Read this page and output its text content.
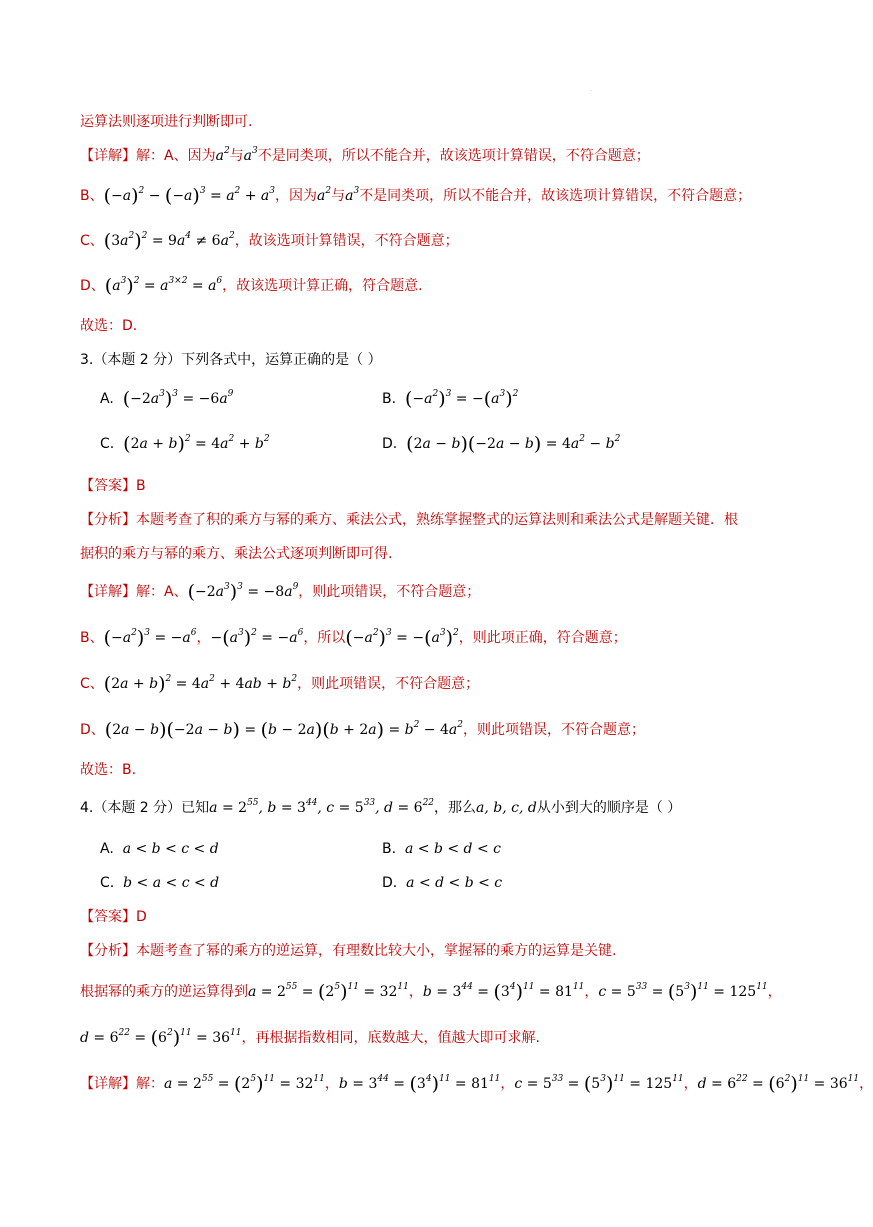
·
运算法则逐项进行判断即可.
【详解】解：A、因为$a^2$与$a^3$不是同类项，所以不能合并，故该选项计算错误，不符合题意；
B、$(-a)^2 - (-a)^3 = a^2 + a^3$，因为$a^2$与$a^3$不是同类项，所以不能合并，故该选项计算错误，不符合题意；
C、$(3a^2)^2 = 9a^4 \ne 6a^2$，故该选项计算错误，不符合题意；
D、$(a^3)^2 = a^{3\times 2} = a^6$，故该选项计算正确，符合题意.
故选：D.
3.（本题 2 分）下列各式中，运算正确的是（ ）
A. $(-2a^3)^3 = -6a^9$	B. $(-a^2)^3 = -(a^3)^2$
C. $(2a + b)^2 = 4a^2 + b^2$	D. $(2a - b)(-2a - b) = 4a^2 - b^2$
【答案】B
【分析】本题考查了积的乘方与幂的乘方、乘法公式，熟练掌握整式的运算法则和乘法公式是解题关键．根
据积的乘方与幂的乘方、乘法公式逐项判断即可得.
【详解】解：A、$(-2a^3)^3 = -8a^9$，则此项错误，不符合题意；
B、$(-a^2)^3 = -a^6$，$-(a^3)^2 = -a^6$，所以$(-a^2)^3 = -(a^3)^2$，则此项正确，符合题意；
C、$(2a + b)^2 = 4a^2 + 4ab + b^2$，则此项错误，不符合题意；
D、$(2a - b)(-2a - b) = (b - 2a)(b + 2a) = b^2 - 4a^2$，则此项错误，不符合题意；
故选：B.
4.（本题 2 分）已知$a = 2^{55}$, $b = 3^{44}$, $c = 5^{33}$, $d = 6^{22}$，那么a, b, c, d从小到大的顺序是（ ）
A. a < b < c < d	B. a < b < d < c
C. b < a < c < d	D. a < d < b < c
【答案】D
【分析】本题考查了幂的乘方的逆运算，有理数比较大小，掌握幂的乘方的运算是关键.
根据幂的乘方的逆运算得到$a = 2^{55} = (2^5)^{11} = 32^{11}$，$b = 3^{44} = (3^4)^{11} = 81^{11}$，$c = 5^{33} = (5^3)^{11} = 125^{11}$，
$d = 6^{22} = (6^2)^{11} = 36^{11}$，再根据指数相同，底数越大，值越大即可求解.
【详解】解：$a = 2^{55} = (2^5)^{11} = 32^{11}$，$b = 3^{44} = (3^4)^{11} = 81^{11}$，$c = 5^{33} = (5^3)^{11} = 125^{11}$，$d = 6^{22} = (6^2)^{11} = 36^{11}$，
